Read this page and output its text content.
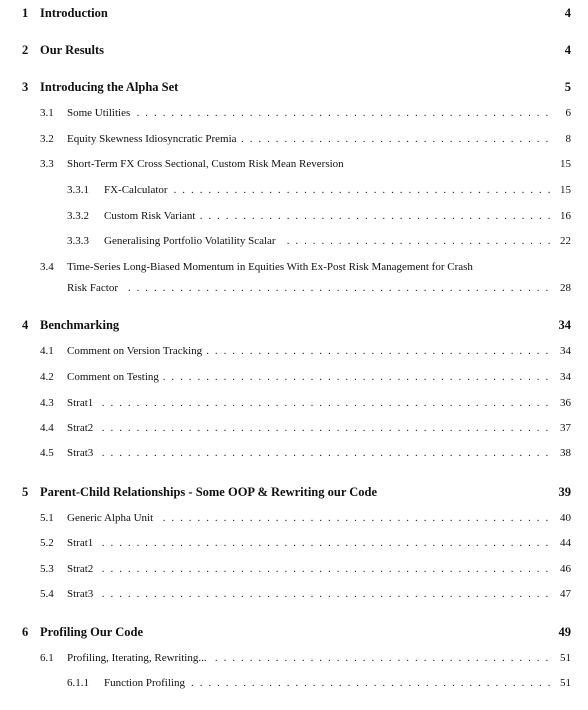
1 Introduction	4
2 Our Results	4
3 Introducing the Alpha Set	5
3.1 Some Utilities . . .	6
3.2 Equity Skewness Idiosyncratic Premia . . .	8
3.3 Short-Term FX Cross Sectional, Custom Risk Mean Reversion	15
3.3.1 FX-Calculator . . .	15
3.3.2 Custom Risk Variant . . .	16
3.3.3 Generalising Portfolio Volatility Scalar . . .	22
3.4 Time-Series Long-Biased Momentum in Equities With Ex-Post Risk Management for Crash
Risk Factor . . .	28
4 Benchmarking	34
4.1 Comment on Version Tracking . . .	34
4.2 Comment on Testing . . .	34
4.3 Strat1 . . .	36
4.4 Strat2 . . .	37
4.5 Strat3 . . .	38
5 Parent-Child Relationships - Some OOP & Rewriting our Code	39
5.1 Generic Alpha Unit . . .	40
5.2 Strat1 . . .	44
5.3 Strat2 . . .	46
5.4 Strat3 . . .	47
6 Profiling Our Code	49
6.1 Profiling, Iterating, Rewriting... . . .	51
6.1.1 Function Profiling . . .	51
